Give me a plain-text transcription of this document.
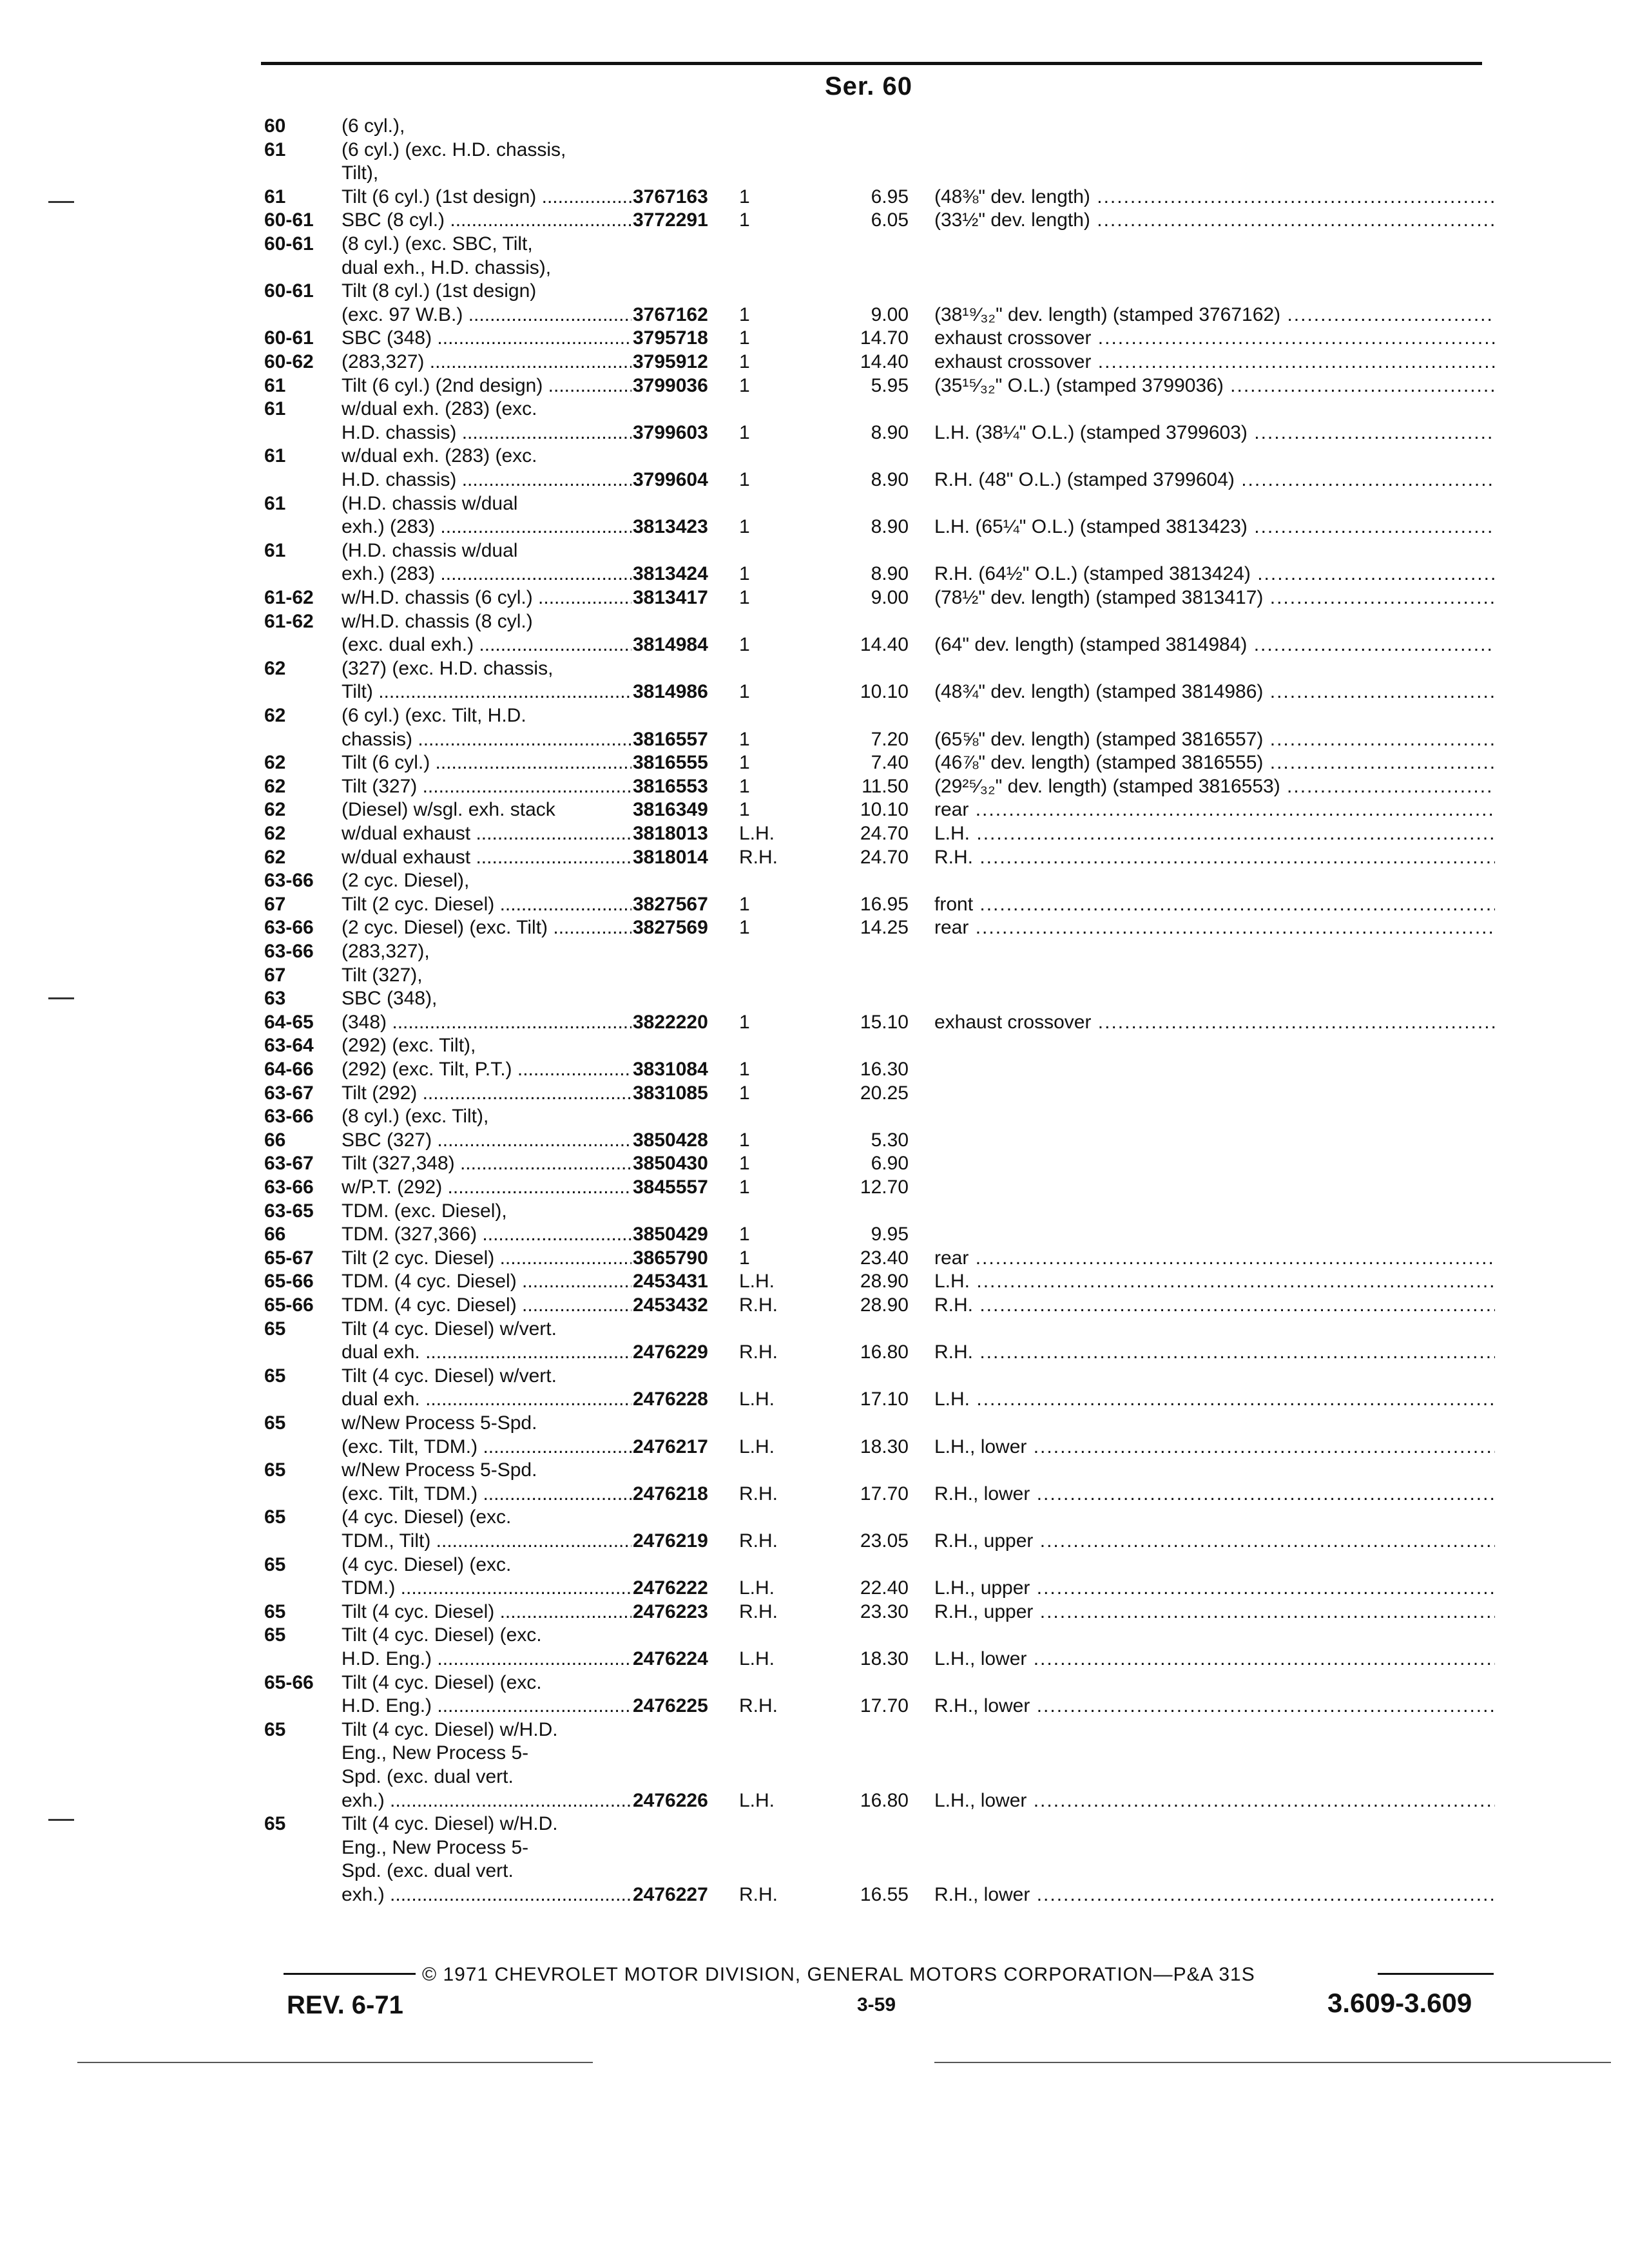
Ser. 60
60	(6 cyl.),
61	(6 cyl.) (exc. H.D. chassis,
Tilt),
61	Tilt (6 cyl.) (1st design) .....	3767163	1	6.95 (48⅜" dev. length) .....
60-61	SBC (8 cyl.) .....	3772291	1	6.05 (33½" dev. length) .....
60-61	(8 cyl.) (exc. SBC, Tilt,
dual exh., H.D. chassis),
60-61	Tilt (8 cyl.) (1st design)
(exc. 97 W.B.) .....	3767162	1	9.00 (38¹⁹⁄₃₂" dev. length) (stamped 3767162) .....
60-61	SBC (348) .....	3795718	1	14.70 exhaust crossover .....
60-62	(283,327) .....	3795912	1	14.40 exhaust crossover .....
61	Tilt (6 cyl.) (2nd design) .....	3799036	1	5.95 (35¹⁵⁄₃₂" O.L.) (stamped 3799036) .....
61	w/dual exh. (283) (exc.
H.D. chassis) .....	3799603	1	8.90 L.H. (38¼" O.L.) (stamped 3799603) .....
61	w/dual exh. (283) (exc.
H.D. chassis) .....	3799604	1	8.90 R.H. (48" O.L.) (stamped 3799604) .....
61	(H.D. chassis w/dual
exh.) (283) .....	3813423	1	8.90 L.H. (65¼" O.L.) (stamped 3813423) .....
61	(H.D. chassis w/dual
exh.) (283) .....	3813424	1	8.90 R.H. (64½" O.L.) (stamped 3813424) .....
61-62	w/H.D. chassis (6 cyl.) .....	3813417	1	9.00 (78½" dev. length) (stamped 3813417) .....
61-62	w/H.D. chassis (8 cyl.)
(exc. dual exh.) .....	3814984	1	14.40 (64" dev. length) (stamped 3814984) .....
62	(327) (exc. H.D. chassis,
Tilt) .....	3814986	1	10.10 (48¾" dev. length) (stamped 3814986) .....
62	(6 cyl.) (exc. Tilt, H.D.
chassis) .....	3816557	1	7.20 (65⅝" dev. length) (stamped 3816557) .....
62	Tilt (6 cyl.) .....	3816555	1	7.40 (46⅞" dev. length) (stamped 3816555) .....
62	Tilt (327) .....	3816553	1	11.50 (29²⁵⁄₃₂" dev. length) (stamped 3816553) .....
62	(Diesel) w/sgl. exh. stack	3816349	1	10.10 rear .....
62	w/dual exhaust .....	3818013	L.H.	24.70 L.H. .....
62	w/dual exhaust .....	3818014	R.H.	24.70 R.H. .....
63-66	(2 cyc. Diesel),
67	Tilt (2 cyc. Diesel) .....	3827567	1	16.95 front .....
63-66	(2 cyc. Diesel) (exc. Tilt) .....	3827569	1	14.25 rear .....
63-66	(283,327),
67	Tilt (327),
63	SBC (348),
64-65	(348) .....	3822220	1	15.10 exhaust crossover .....
63-64	(292) (exc. Tilt),
64-66	(292) (exc. Tilt, P.T.) .....	3831084	1	16.30
63-67	Tilt (292) .....	3831085	1	20.25
63-66	(8 cyl.) (exc. Tilt),
66	SBC (327) .....	3850428	1	5.30
63-67	Tilt (327,348) .....	3850430	1	6.90
63-66	w/P.T. (292) .....	3845557	1	12.70
63-65	TDM. (exc. Diesel),
66	TDM. (327,366) .....	3850429	1	9.95
65-67	Tilt (2 cyc. Diesel) .....	3865790	1	23.40 rear .....
65-66	TDM. (4 cyc. Diesel) .....	2453431	L.H.	28.90 L.H. .....
65-66	TDM. (4 cyc. Diesel) .....	2453432	R.H.	28.90 R.H. .....
65	Tilt (4 cyc. Diesel) w/vert.
dual exh. .....	2476229	R.H.	16.80 R.H. .....
65	Tilt (4 cyc. Diesel) w/vert.
dual exh. .....	2476228	L.H.	17.10 L.H. .....
65	w/New Process 5-Spd.
(exc. Tilt, TDM.) .....	2476217	L.H.	18.30 L.H., lower .....
65	w/New Process 5-Spd.
(exc. Tilt, TDM.) .....	2476218	R.H.	17.70 R.H., lower .....
65	(4 cyc. Diesel) (exc.
TDM., Tilt) .....	2476219	R.H.	23.05 R.H., upper .....
65	(4 cyc. Diesel) (exc.
TDM.) .....	2476222	L.H.	22.40 L.H., upper .....
65	Tilt (4 cyc. Diesel) .....	2476223	R.H.	23.30 R.H., upper .....
65	Tilt (4 cyc. Diesel) (exc.
H.D. Eng.) .....	2476224	L.H.	18.30 L.H., lower .....
65-66	Tilt (4 cyc. Diesel) (exc.
H.D. Eng.) .....	2476225	R.H.	17.70 R.H., lower .....
65	Tilt (4 cyc. Diesel) w/H.D.
Eng., New Process 5-
Spd. (exc. dual vert.
exh.) .....	2476226	L.H.	16.80 L.H., lower .....
65	Tilt (4 cyc. Diesel) w/H.D.
Eng., New Process 5-
Spd. (exc. dual vert.
exh.) .....	2476227	R.H.	16.55 R.H., lower .....
© 1971 CHEVROLET MOTOR DIVISION, GENERAL MOTORS CORPORATION—P&A 31S
REV. 6-71	3-59	3.609-3.609
